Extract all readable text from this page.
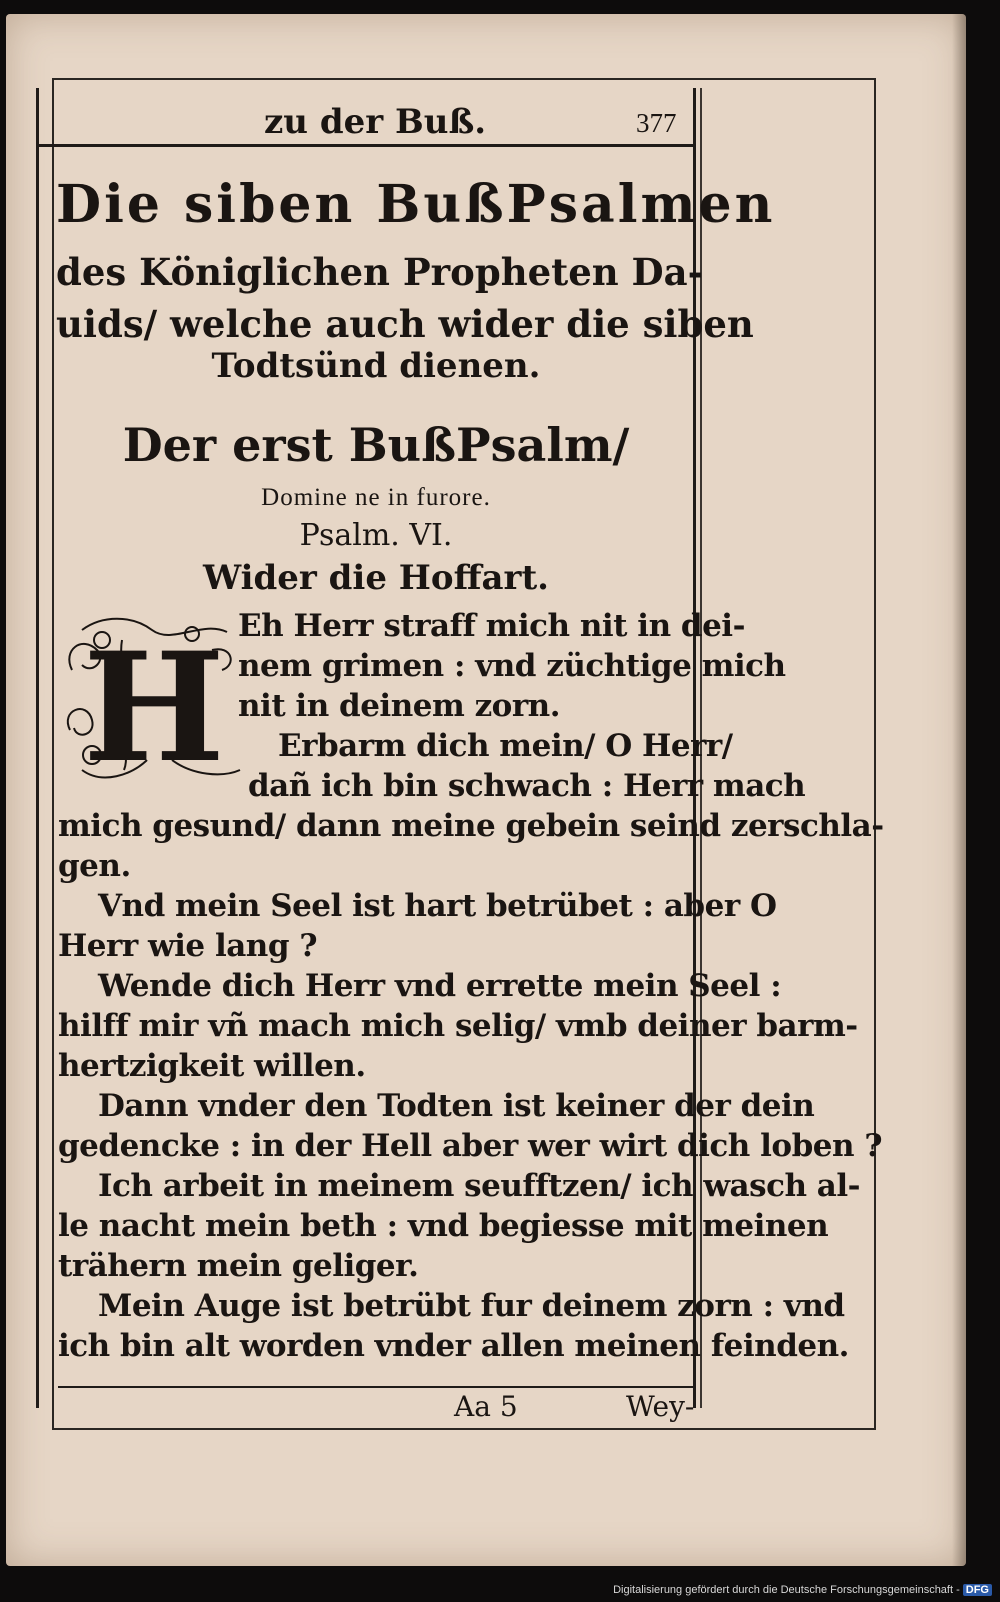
zu der Buß.	377
Die siben BußPsalmen
des Königlichen Propheten Da-
uids/ welche auch wider die siben
Todtsünd dienen.
Der erst BußPsalm/
Domine ne in furore.
Psalm. VI.
Wider die Hoffart.
H Eh Herr straff mich nit in dei-
nem grimen : vnd züchtige mich
nit in deinem zorn.
Erbarm dich mein/ O Herr/
dañ ich bin schwach : Herr mach
mich gesund/ dann meine gebein seind zerschla-
gen.
Vnd mein Seel ist hart betrübet : aber O
Herr wie lang ?
Wende dich Herr vnd errette mein Seel :
hilff mir vñ mach mich selig/ vmb deiner barm-
hertzigkeit willen.
Dann vnder den Todten ist keiner der dein
gedencke : in der Hell aber wer wirt dich loben ?
Ich arbeit in meinem seufftzen/ ich wasch al-
le nacht mein beth : vnd begiesse mit meinen
trähern mein geliger.
Mein Auge ist betrübt fur deinem zorn : vnd
ich bin alt worden vnder allen meinen feinden.
Aa 5	Wey-
Digitalisierung gefördert durch die Deutsche Forschungsgemeinschaft - DFG
